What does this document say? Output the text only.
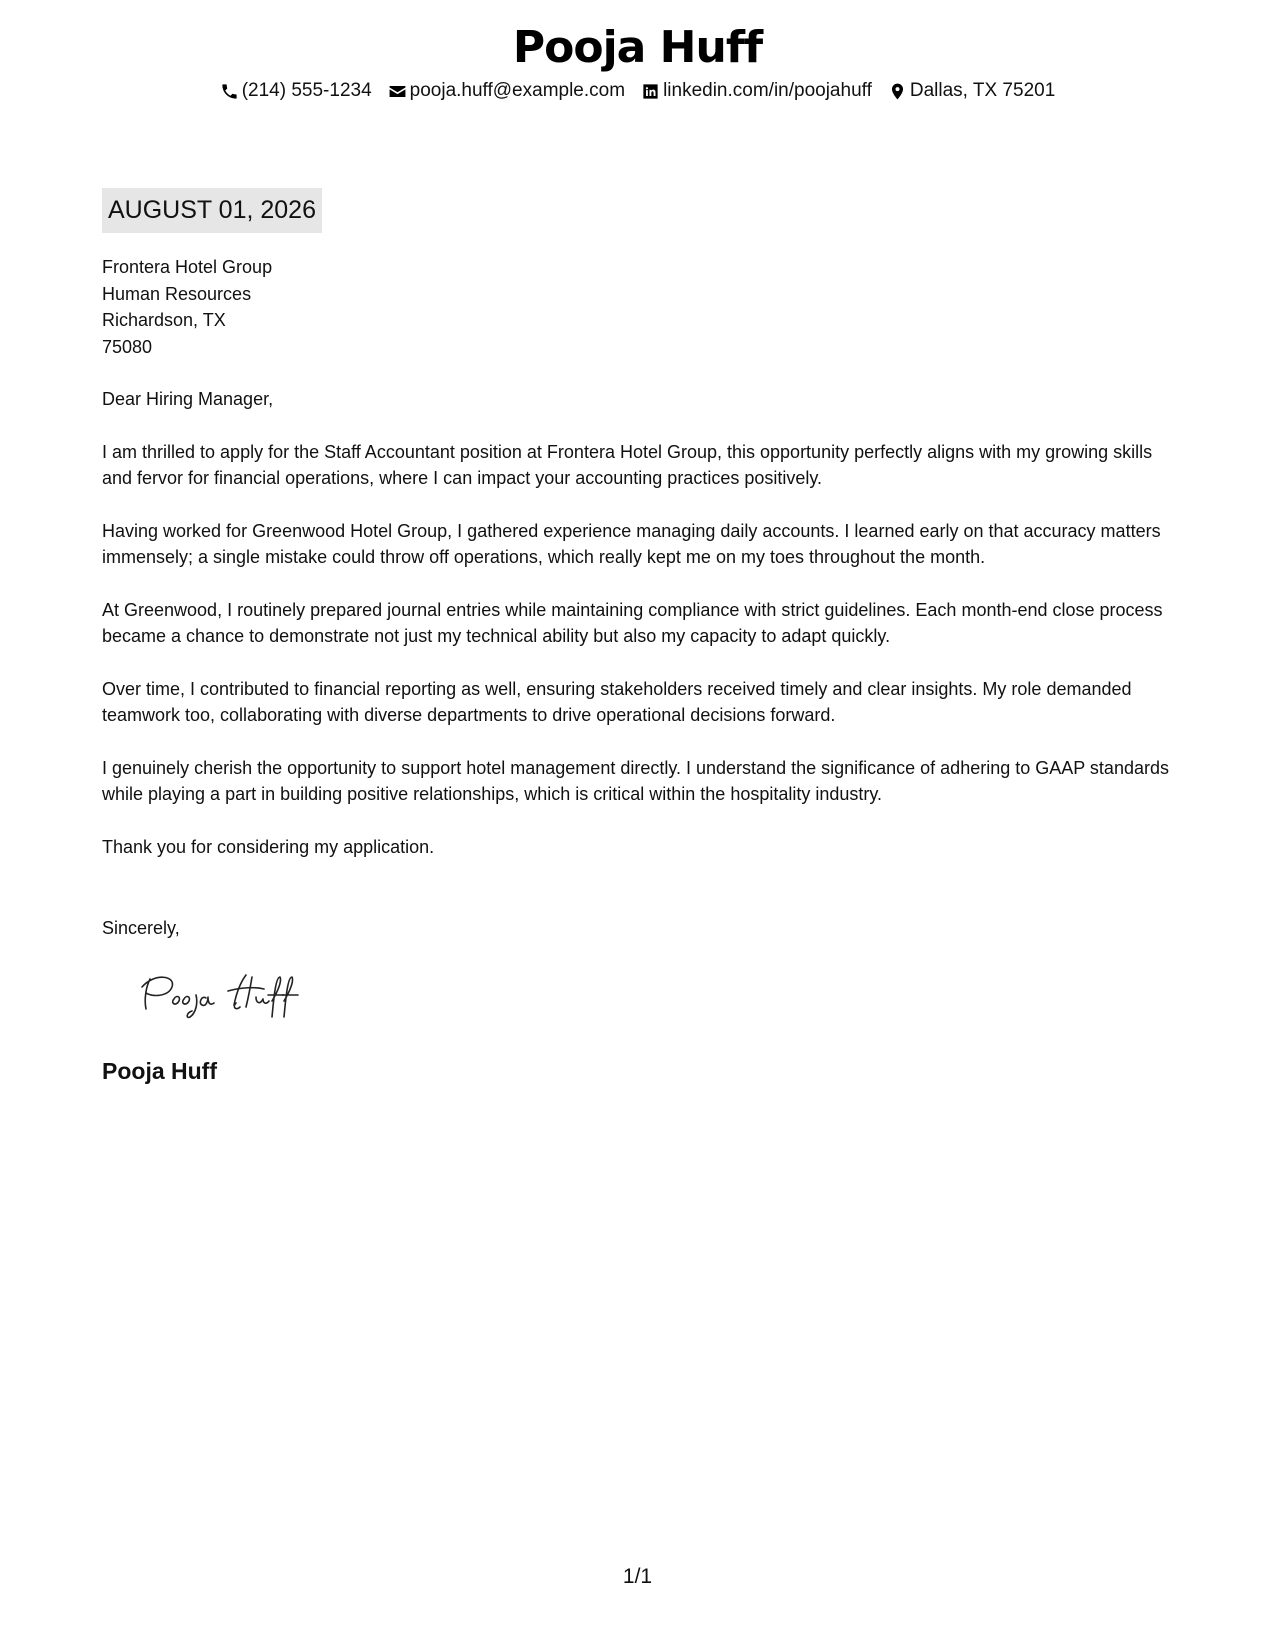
Pooja Huff
(214) 555-1234 pooja.huff@example.com linkedin.com/in/poojahuff Dallas, TX 75201
AUGUST 01, 2026
Frontera Hotel Group
Human Resources
Richardson, TX
75080

Dear Hiring Manager,

I am thrilled to apply for the Staff Accountant position at Frontera Hotel Group, this opportunity perfectly aligns with my growing skills and fervor for financial operations, where I can impact your accounting practices positively.

Having worked for Greenwood Hotel Group, I gathered experience managing daily accounts. I learned early on that accuracy matters immensely; a single mistake could throw off operations, which really kept me on my toes throughout the month.

At Greenwood, I routinely prepared journal entries while maintaining compliance with strict guidelines. Each month-end close process became a chance to demonstrate not just my technical ability but also my capacity to adapt quickly.

Over time, I contributed to financial reporting as well, ensuring stakeholders received timely and clear insights. My role demanded teamwork too, collaborating with diverse departments to drive operational decisions forward.

I genuinely cherish the opportunity to support hotel management directly. I understand the significance of adhering to GAAP standards while playing a part in building positive relationships, which is critical within the hospitality industry.

Thank you for considering my application.

Sincerely,
Pooja Huff
1/1
